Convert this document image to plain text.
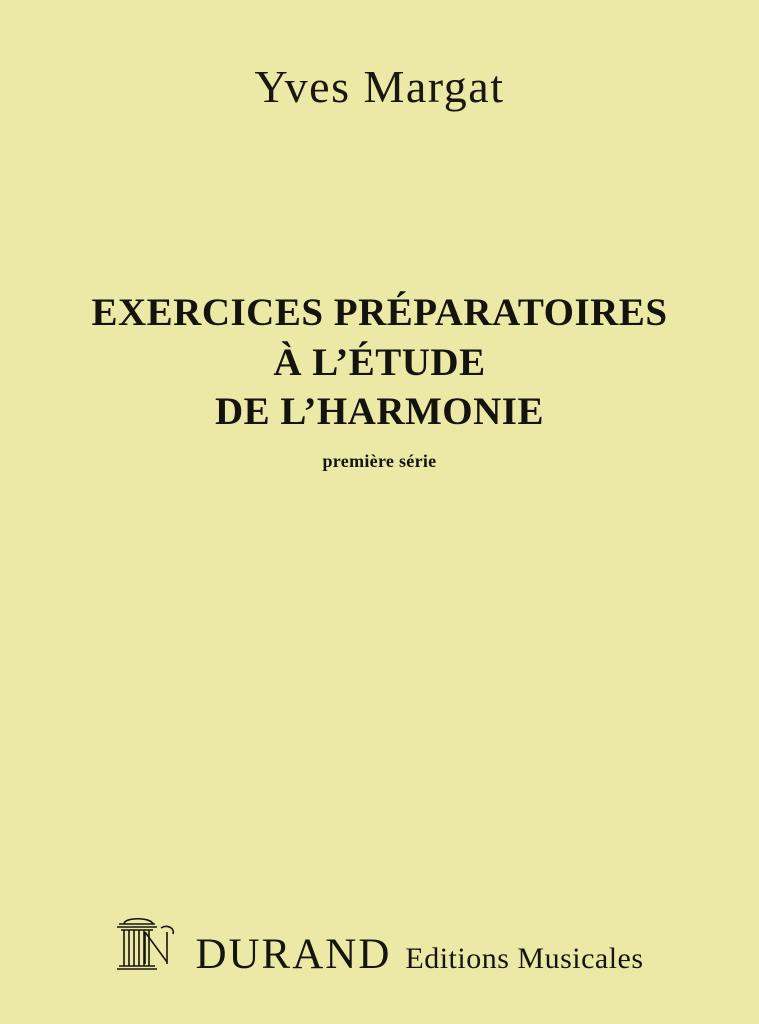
Yves Margat
EXERCICES PRÉPARATOIRES
À L’ÉTUDE
DE L’HARMONIE
première série
DURAND Editions Musicales
